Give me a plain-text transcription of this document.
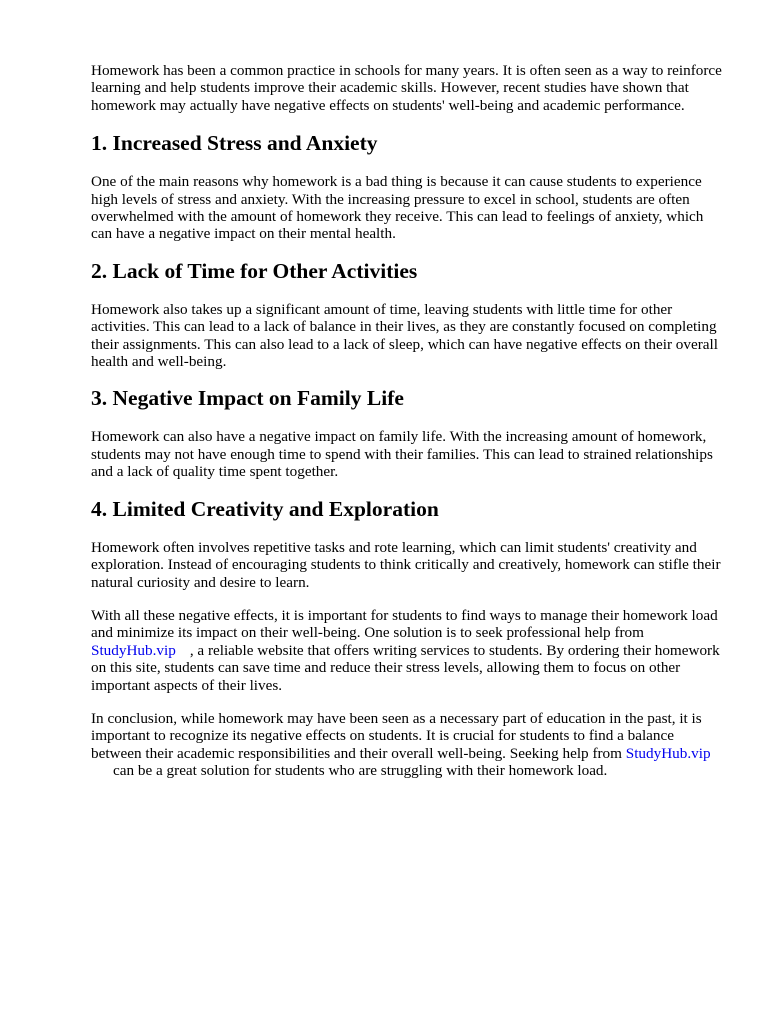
Homework has been a common practice in schools for many years. It is often seen as a way to reinforce learning and help students improve their academic skills. However, recent studies have shown that homework may actually have negative effects on students' well-being and academic performance.

1. Increased Stress and Anxiety

One of the main reasons why homework is a bad thing is because it can cause students to experience high levels of stress and anxiety. With the increasing pressure to excel in school, students are often overwhelmed with the amount of homework they receive. This can lead to feelings of anxiety, which can have a negative impact on their mental health.

2. Lack of Time for Other Activities

Homework also takes up a significant amount of time, leaving students with little time for other activities. This can lead to a lack of balance in their lives, as they are constantly focused on completing their assignments. This can also lead to a lack of sleep, which can have negative effects on their overall health and well-being.

3. Negative Impact on Family Life

Homework can also have a negative impact on family life. With the increasing amount of homework, students may not have enough time to spend with their families. This can lead to strained relationships and a lack of quality time spent together.

4. Limited Creativity and Exploration

Homework often involves repetitive tasks and rote learning, which can limit students' creativity and exploration. Instead of encouraging students to think critically and creatively, homework can stifle their natural curiosity and desire to learn.

With all these negative effects, it is important for students to find ways to manage their homework load and minimize its impact on their well-being. One solution is to seek professional help from StudyHub.vip , a reliable website that offers writing services to students. By ordering their homework on this site, students can save time and reduce their stress levels, allowing them to focus on other important aspects of their lives.

In conclusion, while homework may have been seen as a necessary part of education in the past, it is important to recognize its negative effects on students. It is crucial for students to find a balance between their academic responsibilities and their overall well-being. Seeking help from StudyHub.vipcan be a great solution for students who are struggling with their homework load.
